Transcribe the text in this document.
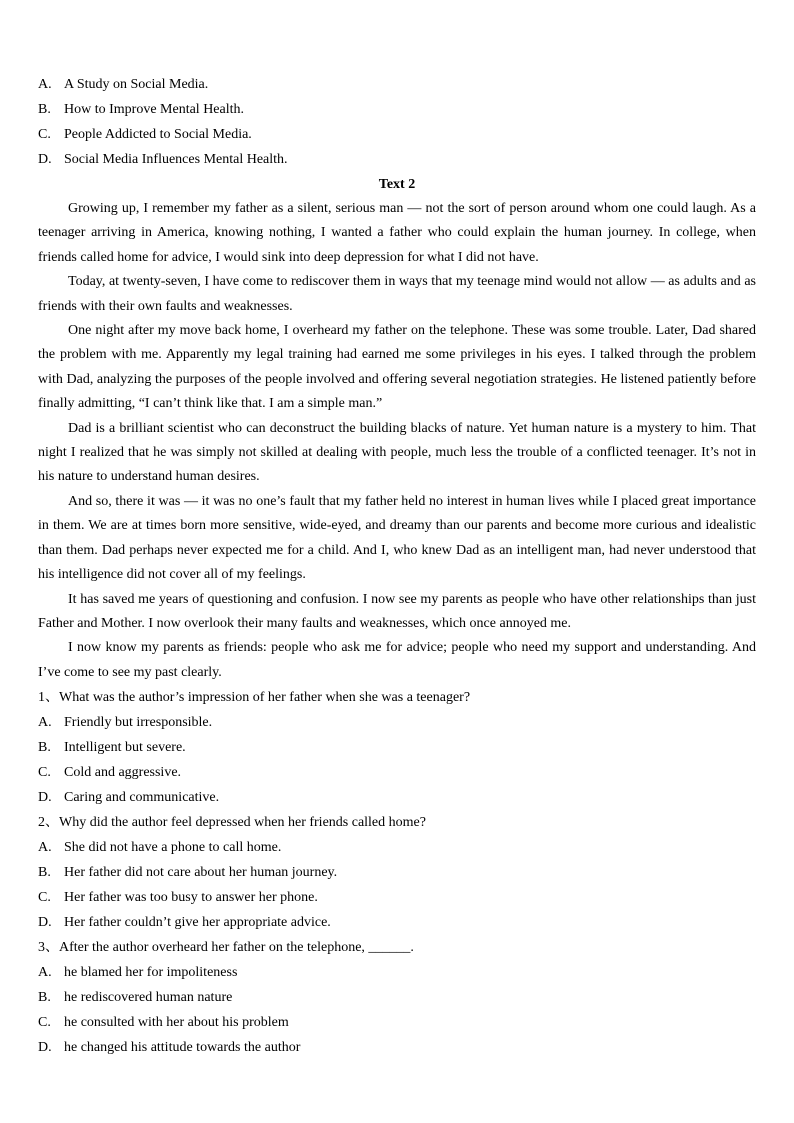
A. A Study on Social Media.
B. How to Improve Mental Health.
C. People Addicted to Social Media.
D. Social Media Influences Mental Health.
Text 2

Growing up, I remember my father as a silent, serious man — not the sort of person around whom one could laugh. As a teenager arriving in America, knowing nothing, I wanted a father who could explain the human journey. In college, when friends called home for advice, I would sink into deep depression for what I did not have.

Today, at twenty-seven, I have come to rediscover them in ways that my teenage mind would not allow — as adults and as friends with their own faults and weaknesses.

One night after my move back home, I overheard my father on the telephone. These was some trouble. Later, Dad shared the problem with me. Apparently my legal training had earned me some privileges in his eyes. I talked through the problem with Dad, analyzing the purposes of the people involved and offering several negotiation strategies. He listened patiently before finally admitting, “I can’t think like that. I am a simple man.”

Dad is a brilliant scientist who can deconstruct the building blacks of nature. Yet human nature is a mystery to him. That night I realized that he was simply not skilled at dealing with people, much less the trouble of a conflicted teenager. It’s not in his nature to understand human desires.

And so, there it was — it was no one’s fault that my father held no interest in human lives while I placed great importance in them. We are at times born more sensitive, wide-eyed, and dreamy than our parents and become more curious and idealistic than them. Dad perhaps never expected me for a child. And I, who knew Dad as an intelligent man, had never understood that his intelligence did not cover all of my feelings.

It has saved me years of questioning and confusion. I now see my parents as people who have other relationships than just Father and Mother. I now overlook their many faults and weaknesses, which once annoyed me.

I now know my parents as friends: people who ask me for advice; people who need my support and understanding. And I’ve come to see my past clearly.

1、What was the author’s impression of her father when she was a teenager?
A. Friendly but irresponsible.
B. Intelligent but severe.
C. Cold and aggressive.
D. Caring and communicative.
2、Why did the author feel depressed when her friends called home?
A. She did not have a phone to call home.
B. Her father did not care about her human journey.
C. Her father was too busy to answer her phone.
D. Her father couldn’t give her appropriate advice.
3、After the author overheard her father on the telephone, ______.
A. he blamed her for impoliteness
B. he rediscovered human nature
C. he consulted with her about his problem
D. he changed his attitude towards the author
